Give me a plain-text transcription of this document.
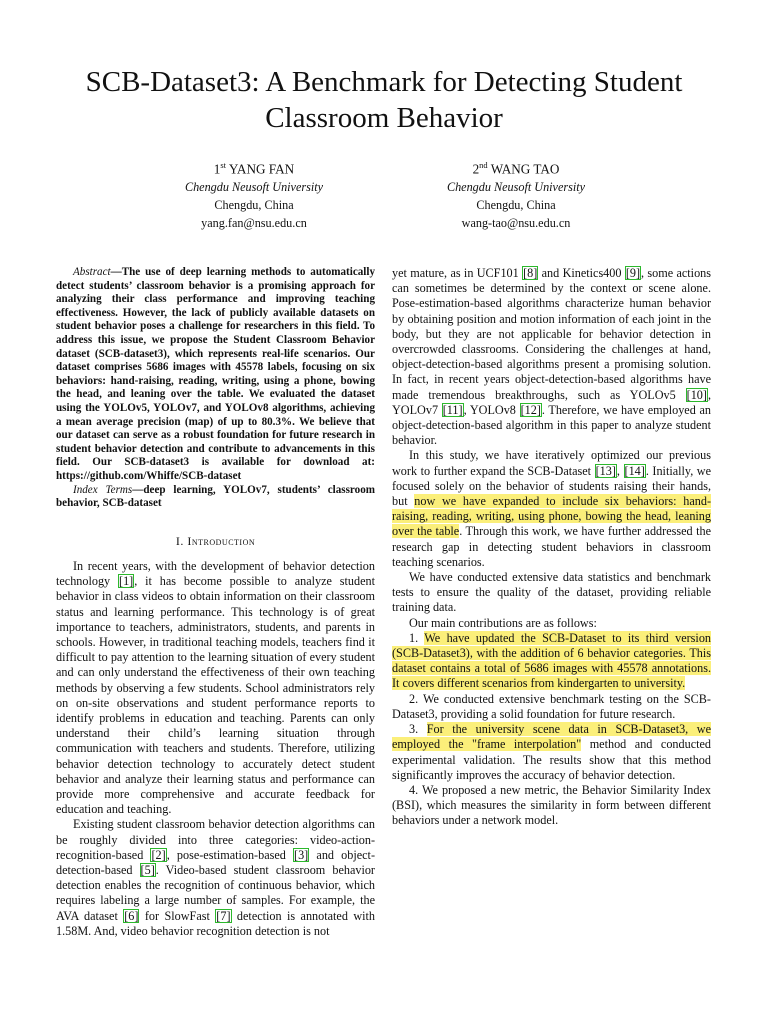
SCB-Dataset3: A Benchmark for Detecting Student
Classroom Behavior
1st YANG FAN
Chengdu Neusoft University
Chengdu, China
yang.fan@nsu.edu.cn
2nd WANG TAO
Chengdu Neusoft University
Chengdu, China
wang-tao@nsu.edu.cn

Abstract—The use of deep learning methods to automatically detect students’ classroom behavior is a promising approach for analyzing their class performance and improving teaching effectiveness. However, the lack of publicly available datasets on student behavior poses a challenge for researchers in this field. To address this issue, we propose the Student Classroom Behavior dataset (SCB-dataset3), which represents real-life scenarios. Our dataset comprises 5686 images with 45578 labels, focusing on six behaviors: hand-raising, reading, writing, using a phone, bowing the head, and leaning over the table. We evaluated the dataset using the YOLOv5, YOLOv7, and YOLOv8 algorithms, achieving a mean average precision (map) of up to 80.3%. We believe that our dataset can serve as a robust foundation for future research in student behavior detection and contribute to advancements in this field. Our SCB-dataset3 is available for download at: https://github.com/Whiffe/SCB-dataset

Index Terms—deep learning, YOLOv7, students’ classroom behavior, SCB-dataset

I. Introduction

In recent years, with the development of behavior detection technology [1], it has become possible to analyze student behavior in class videos to obtain information on their classroom status and learning performance. This technology is of great importance to teachers, administrators, students, and parents in schools. However, in traditional teaching models, teachers find it difficult to pay attention to the learning situation of every student and can only understand the effectiveness of their own teaching methods by observing a few students. School administrators rely on on-site observations and student performance reports to identify problems in education and teaching. Parents can only understand their child’s learning situation through communication with teachers and students. Therefore, utilizing behavior detection technology to accurately detect student behavior and analyze their learning status and performance can provide more comprehensive and accurate feedback for education and teaching.

Existing student classroom behavior detection algorithms can be roughly divided into three categories: video-action-recognition-based [2], pose-estimation-based [3] and object-detection-based [5]. Video-based student classroom behavior detection enables the recognition of continuous behavior, which requires labeling a large number of samples. For example, the AVA dataset [6] for SlowFast [7] detection is annotated with 1.58M. And, video behavior recognition detection is not

yet mature, as in UCF101 [8] and Kinetics400 [9], some actions can sometimes be determined by the context or scene alone. Pose-estimation-based algorithms characterize human behavior by obtaining position and motion information of each joint in the body, but they are not applicable for behavior detection in overcrowded classrooms. Considering the challenges at hand, object-detection-based algorithms present a promising solution. In fact, in recent years object-detection-based algorithms have made tremendous breakthroughs, such as YOLOv5 [10], YOLOv7 [11], YOLOv8 [12]. Therefore, we have employed an object-detection-based algorithm in this paper to analyze student behavior.

In this study, we have iteratively optimized our previous work to further expand the SCB-Dataset [13], [14]. Initially, we focused solely on the behavior of students raising their hands, but now we have expanded to include six behaviors: hand-raising, reading, writing, using phone, bowing the head, leaning over the table. Through this work, we have further addressed the research gap in detecting student behaviors in classroom teaching scenarios.

We have conducted extensive data statistics and benchmark tests to ensure the quality of the dataset, providing reliable training data.

Our main contributions are as follows:

1. We have updated the SCB-Dataset to its third version (SCB-Dataset3), with the addition of 6 behavior categories. This dataset contains a total of 5686 images with 45578 annotations. It covers different scenarios from kindergarten to university.

2. We conducted extensive benchmark testing on the SCB-Dataset3, providing a solid foundation for future research.

3. For the university scene data in SCB-Dataset3, we employed the "frame interpolation" method and conducted experimental validation. The results show that this method significantly improves the accuracy of behavior detection.

4. We proposed a new metric, the Behavior Similarity Index (BSI), which measures the similarity in form between different behaviors under a network model.
